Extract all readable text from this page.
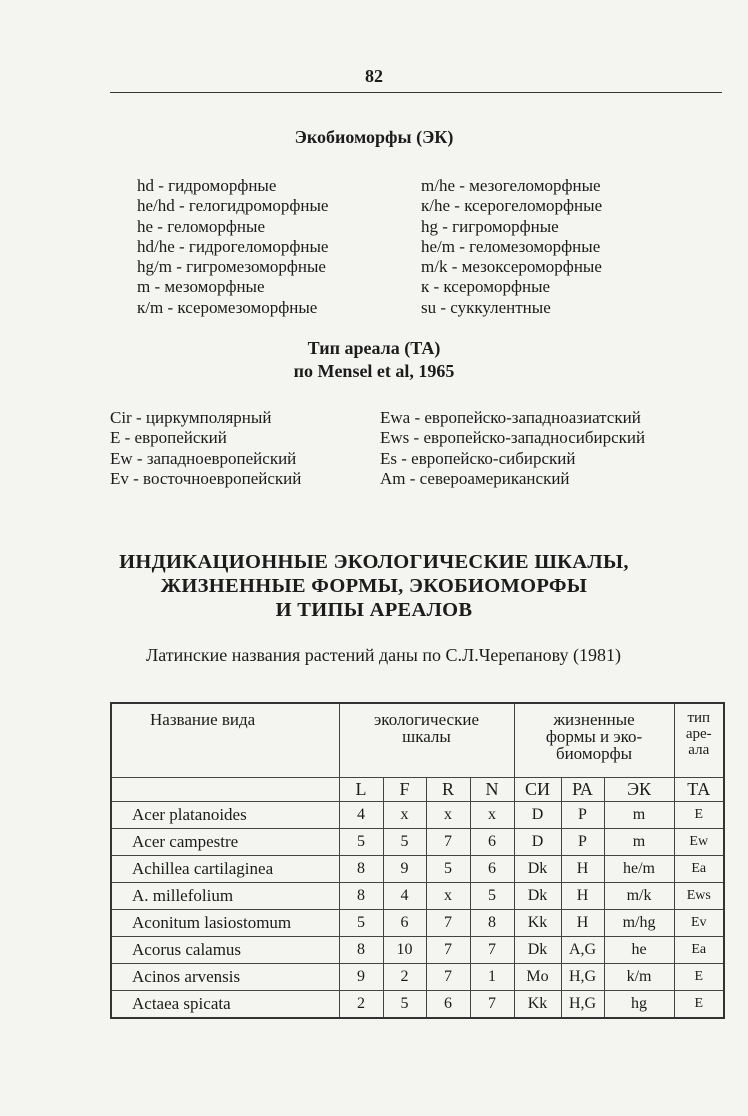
82
Экобиоморфы (ЭК)
hd - гидроморфные
he/hd - гелогидроморфные
he - геломорфные
hd/he - гидрогеломорфные
hg/m - гигромезоморфные
m - мезоморфные
к/m - ксеромезоморфные
m/he - мезогеломорфные
к/he - ксерогеломорфные
hg - гигроморфные
he/m - геломезоморфные
m/k - мезоксероморфные
к - ксероморфные
su - суккулентные
Тип ареала (ТА)
по Mensel et al, 1965
Cir - циркумполярный
E - европейский
Ew - западноевропейский
Ev - восточноевропейский
Ewa - европейско-западноазиатский
Ews - европейско-западносибирский
Es - европейско-сибирский
Am - североамериканский
ИНДИКАЦИОННЫЕ ЭКОЛОГИЧЕСКИЕ ШКАЛЫ,
ЖИЗНЕННЫЕ ФОРМЫ, ЭКОБИОМОРФЫ
И ТИПЫ АРЕАЛОВ
Латинские названия растений даны по С.Л.Черепанову (1981)
Название вида	экологические шкалы				жизненные формы и эко- биоморфы			тип аре- ала
	L	F	R	N	СИ	РА	ЭК	ТА
Acer platanoides	4	x	x	x	D	P	m	E
Acer campestre	5	5	7	6	D	P	m	Ew
Achillea cartilaginea	8	9	5	6	Dk	H	he/m	Ea
A. millefolium	8	4	x	5	Dk	H	m/k	Ews
Aconitum lasiostomum	5	6	7	8	Kk	H	m/hg	Ev
Acorus calamus	8	10	7	7	Dk	A,G	he	Ea
Acinos arvensis	9	2	7	1	Mo	H,G	k/m	E
Actaea spicata	2	5	6	7	Kk	H,G	hg	E
